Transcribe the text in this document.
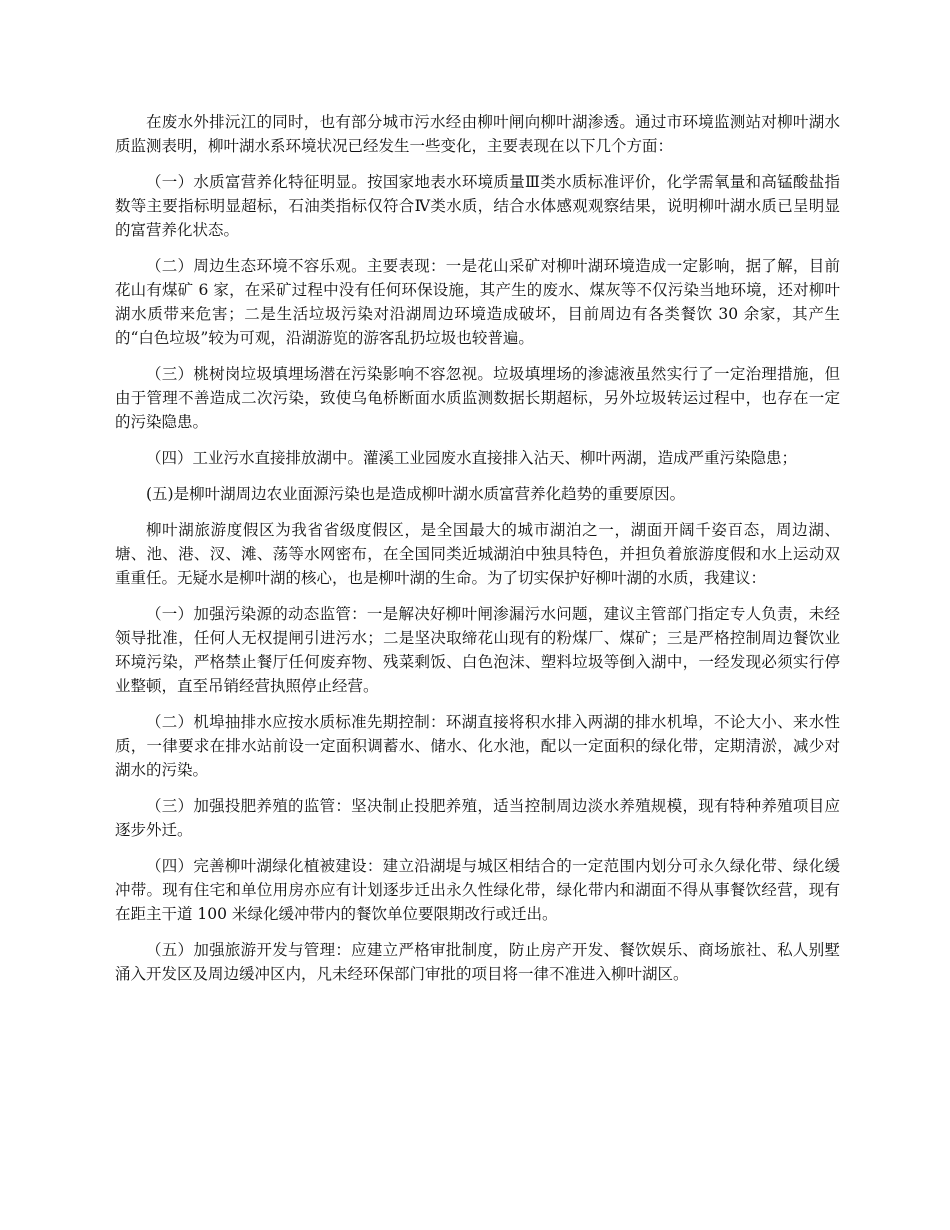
在废水外排沅江的同时，也有部分城市污水经由柳叶闸向柳叶湖渗透。通过市环境监测站对柳叶湖水质监测表明，柳叶湖水系环境状况已经发生一些变化，主要表现在以下几个方面：

（一）水质富营养化特征明显。按国家地表水环境质量Ⅲ类水质标准评价，化学需氧量和高锰酸盐指数等主要指标明显超标，石油类指标仅符合Ⅳ类水质，结合水体感观观察结果，说明柳叶湖水质已呈明显的富营养化状态。

（二）周边生态环境不容乐观。主要表现：一是花山采矿对柳叶湖环境造成一定影响，据了解，目前花山有煤矿 6 家，在采矿过程中没有任何环保设施，其产生的废水、煤灰等不仅污染当地环境，还对柳叶湖水质带来危害；二是生活垃圾污染对沿湖周边环境造成破坏，目前周边有各类餐饮 30 余家，其产生的“白色垃圾”较为可观，沿湖游览的游客乱扔垃圾也较普遍。

（三）桃树岗垃圾填埋场潜在污染影响不容忽视。垃圾填埋场的渗滤液虽然实行了一定治理措施，但由于管理不善造成二次污染，致使乌龟桥断面水质监测数据长期超标，另外垃圾转运过程中，也存在一定的污染隐患。

（四）工业污水直接排放湖中。灌溪工业园废水直接排入沾天、柳叶两湖，造成严重污染隐患；

(五)是柳叶湖周边农业面源污染也是造成柳叶湖水质富营养化趋势的重要原因。

柳叶湖旅游度假区为我省省级度假区，是全国最大的城市湖泊之一，湖面开阔千姿百态，周边湖、塘、池、港、汊、滩、荡等水网密布，在全国同类近城湖泊中独具特色，并担负着旅游度假和水上运动双重重任。无疑水是柳叶湖的核心，也是柳叶湖的生命。为了切实保护好柳叶湖的水质，我建议：

（一）加强污染源的动态监管：一是解决好柳叶闸渗漏污水问题，建议主管部门指定专人负责，未经领导批准，任何人无权提闸引进污水；二是坚决取缔花山现有的粉煤厂、煤矿；三是严格控制周边餐饮业环境污染，严格禁止餐厅任何废弃物、残菜剩饭、白色泡沫、塑料垃圾等倒入湖中，一经发现必须实行停业整顿，直至吊销经营执照停止经营。

（二）机埠抽排水应按水质标准先期控制：环湖直接将积水排入两湖的排水机埠，不论大小、来水性质，一律要求在排水站前设一定面积调蓄水、储水、化水池，配以一定面积的绿化带，定期清淤，减少对湖水的污染。

（三）加强投肥养殖的监管：坚决制止投肥养殖，适当控制周边淡水养殖规模，现有特种养殖项目应逐步外迁。

（四）完善柳叶湖绿化植被建设：建立沿湖堤与城区相结合的一定范围内划分可永久绿化带、绿化缓冲带。现有住宅和单位用房亦应有计划逐步迁出永久性绿化带，绿化带内和湖面不得从事餐饮经营，现有在距主干道 100 米绿化缓冲带内的餐饮单位要限期改行或迁出。

（五）加强旅游开发与管理：应建立严格审批制度，防止房产开发、餐饮娱乐、商场旅社、私人别墅涌入开发区及周边缓冲区内，凡未经环保部门审批的项目将一律不准进入柳叶湖区。
